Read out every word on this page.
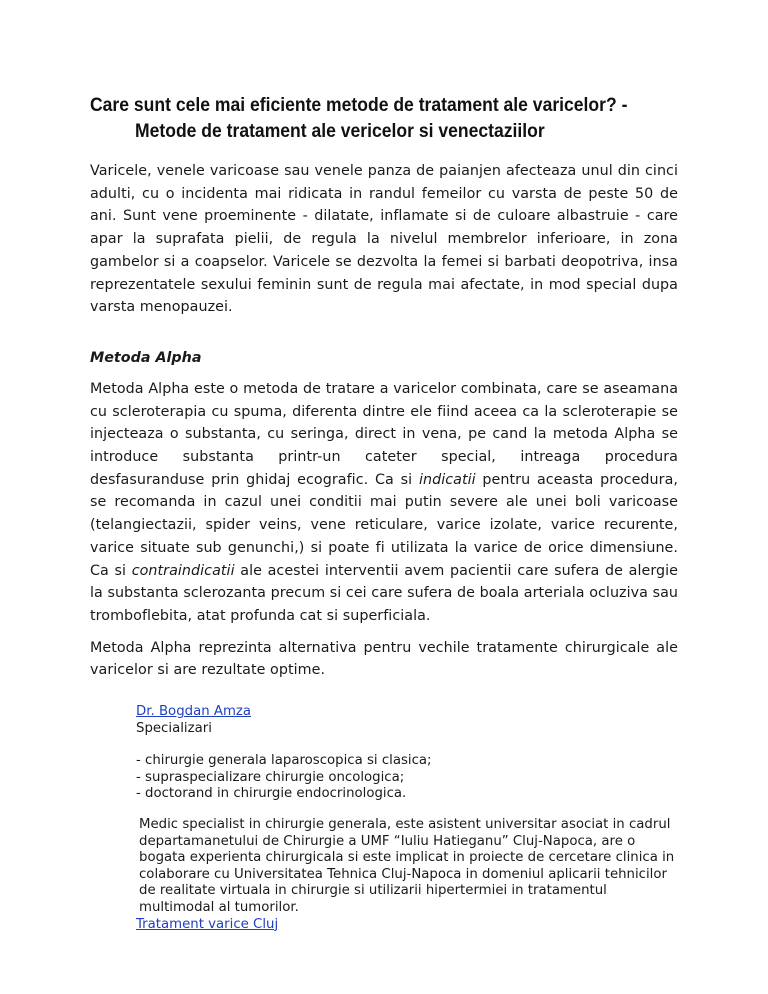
Care sunt cele mai eficiente metode de tratament ale varicelor? -
Metode de tratament ale vericelor si venectaziilor

Varicele, venele varicoase sau venele panza de paianjen afecteaza unul din cinci adulti, cu o incidenta mai ridicata in randul femeilor cu varsta de peste 50 de ani. Sunt vene proeminente - dilatate, inflamate si de culoare albastruie - care apar la suprafata pielii, de regula la nivelul membrelor inferioare, in zona gambelor si a coapselor. Varicele se dezvolta la femei si barbati deopotriva, insa reprezentatele sexului feminin sunt de regula mai afectate, in mod special dupa varsta menopauzei.

Metoda Alpha

Metoda Alpha este o metoda de tratare a varicelor combinata, care se aseamana cu scleroterapia cu spuma, diferenta dintre ele fiind aceea ca la scleroterapie se injecteaza o substanta, cu seringa, direct in vena, pe cand la metoda Alpha se introduce substanta printr-un cateter special, intreaga procedura desfasuranduse prin ghidaj ecografic. Ca si indicatii pentru aceasta procedura, se recomanda in cazul unei conditii mai putin severe ale unei boli varicoase (telangiectazii, spider veins, vene reticulare, varice izolate, varice recurente, varice situate sub genunchi,) si poate fi utilizata la varice de orice dimensiune. Ca si contraindicatii ale acestei interventii avem pacientii care sufera de alergie la substanta sclerozanta precum si cei care sufera de boala arteriala ocluziva sau tromboflebita, atat profunda cat si superficiala.

Metoda Alpha reprezinta alternativa pentru vechile tratamente chirurgicale ale varicelor si are rezultate optime.

Dr. Bogdan Amza
Specializari
- chirurgie generala laparoscopica si clasica;
- supraspecializare chirurgie oncologica;
- doctorand in chirurgie endocrinologica.
Medic specialist in chirurgie generala, este asistent universitar asociat in cadrul departamanetului de Chirurgie a UMF “Iuliu Hatieganu” Cluj-Napoca, are o bogata experienta chirurgicala si este implicat in proiecte de cercetare clinica in colaborare cu Universitatea Tehnica Cluj-Napoca in domeniul aplicarii tehnicilor de realitate virtuala in chirurgie si utilizarii hipertermiei in tratamentul multimodal al tumorilor.
Tratament varice Cluj
